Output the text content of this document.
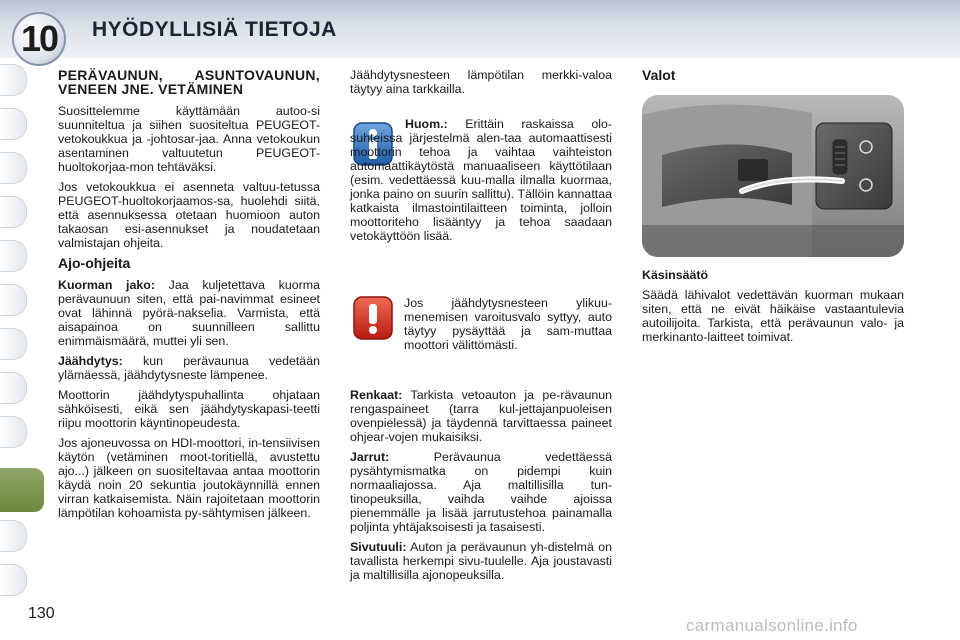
10	HYÖDYLLISIÄ TIETOJA
PERÄVAUNUN, ASUNTOVAUNUN, VENEEN JNE. VETÄMINEN

Suosittelemme käyttämään autoo-si suunniteltua ja siihen suositeltua PEUGEOT-vetokoukkua ja -johtosar-jaa. Anna vetokoukun asentaminen valtuutetun PEUGEOT-huoltokorjaa-mon tehtäväksi.

Jos vetokoukkua ei asenneta valtuu-tetussa PEUGEOT-huoltokorjaamos-sa, huolehdi siitä, että asennuksessa otetaan huomioon auton takaosan esi-asennukset ja noudatetaan valmistajan ohjeita.

Ajo-ohjeita

Kuorman jako: Jaa kuljetettava kuorma perävaunuun siten, että pai-navimmat esineet ovat lähinnä pyörä-nakselia. Varmista, että aisapainoa on suunnilleen sallittu enimmäismäärä, muttei yli sen.

Jäähdytys: kun perävaunua vedetään ylämäessä, jäähdytysneste lämpenee.

Moottorin jäähdytyspuhallinta ohjataan sähköisesti, eikä sen jäähdytyskapasi-teetti riipu moottorin käyntinopeudesta.

Jos ajoneuvossa on HDI-moottori, in-tensiivisen käytön (vetäminen moot-toritiellä, avustettu ajo...) jälkeen on suositeltavaa antaa moottorin käydä noin 20 sekuntia joutokäynnillä ennen virran katkaisemista. Näin rajoitetaan moottorin lämpötilan kohoamista py-sähtymisen jälkeen.

Jäähdytysnesteen lämpötilan merkki-valoa täytyy aina tarkkailla.

Huom.: Erittäin raskaissa olo-suhteissa järjestelmä alen-taa automaattisesti moottorin tehoa ja vaihtaa vaihteiston automaattikäytöstä manuaaliseen käyttötilaan (esim. vedettäessä kuu-malla ilmalla kuormaa, jonka paino on suurin sallittu). Tällöin kannattaa katkaista ilmastointilaitteen toiminta, jolloin moottoriteho lisääntyy ja tehoa saadaan vetokäyttöön lisää.

Jos jäähdytysnesteen ylikuu-menemisen varoitusvalo syttyy, auto täytyy pysäyttää ja sam-muttaa moottori välittömästi.

Renkaat: Tarkista vetoauton ja pe-rävaunun rengaspaineet (tarra kul-jettajanpuoleisen ovenpielessä) ja täydennä tarvittaessa paineet ohjear-vojen mukaisiksi.

Jarrut:	Perävaunua vedettäessä pysähtymismatka on pidempi kuin normaaliajossa. Aja maltillisilla tun-tinopeuksilla, vaihda vaihde ajoissa pienemmälle ja lisää jarrutustehoa painamalla poljinta yhtäjaksoisesti ja tasaisesti.

Sivutuuli: Auton ja perävaunun yh-distelmä on tavallista herkempi sivu-tuulelle. Aja joustavasti ja maltillisilla ajonopeuksilla.

Valot
Käsinsäätö

Säädä lähivalot vedettävän kuorman mukaan siten, että ne eivät häikäise vastaantulevia autoilijoita. Tarkista, että perävaunun valo- ja merkinanto-laitteet toimivat.

130
carmanualsonline.info
